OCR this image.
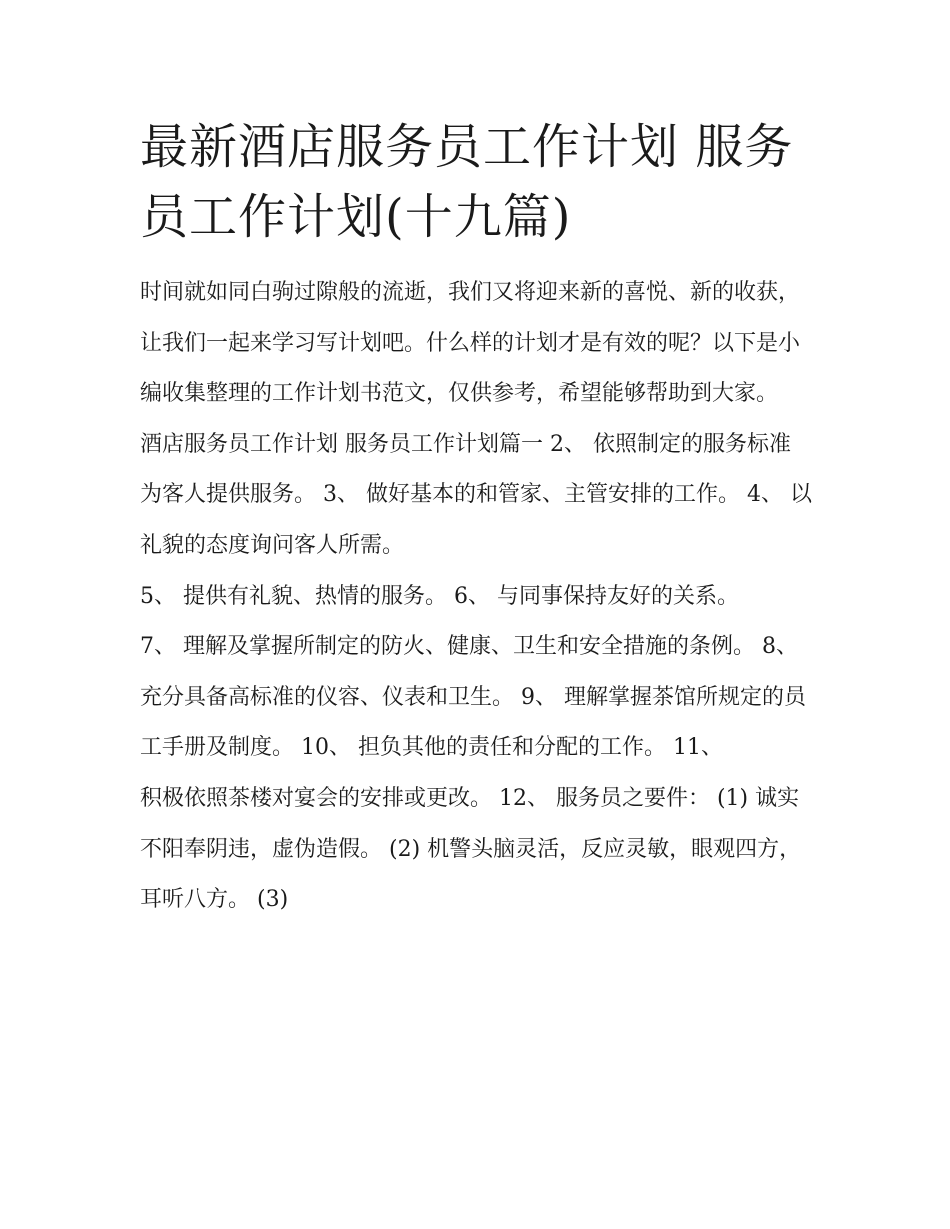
最新酒店服务员工作计划 服务员工作计划(十九篇)

时间就如同白驹过隙般的流逝，我们又将迎来新的喜悦、新的收获，让我们一起来学习写计划吧。什么样的计划才是有效的呢？以下是小编收集整理的工作计划书范文，仅供参考，希望能够帮助到大家。

酒店服务员工作计划 服务员工作计划篇一 2、 依照制定的服务标准为客人提供服务。 3、 做好基本的和管家、主管安排的工作。 4、 以礼貌的态度询问客人所需。

5、 提供有礼貌、热情的服务。 6、 与同事保持友好的关系。

7、 理解及掌握所制定的防火、健康、卫生和安全措施的条例。 8、

充分具备高标准的仪容、仪表和卫生。 9、 理解掌握茶馆所规定的员工手册及制度。 10、 担负其他的责任和分配的工作。 11、

积极依照茶楼对宴会的安排或更改。 12、 服务员之要件： (1) 诚实不阳奉阴违，虚伪造假。 (2) 机警头脑灵活，反应灵敏，眼观四方，耳听八方。 (3)
